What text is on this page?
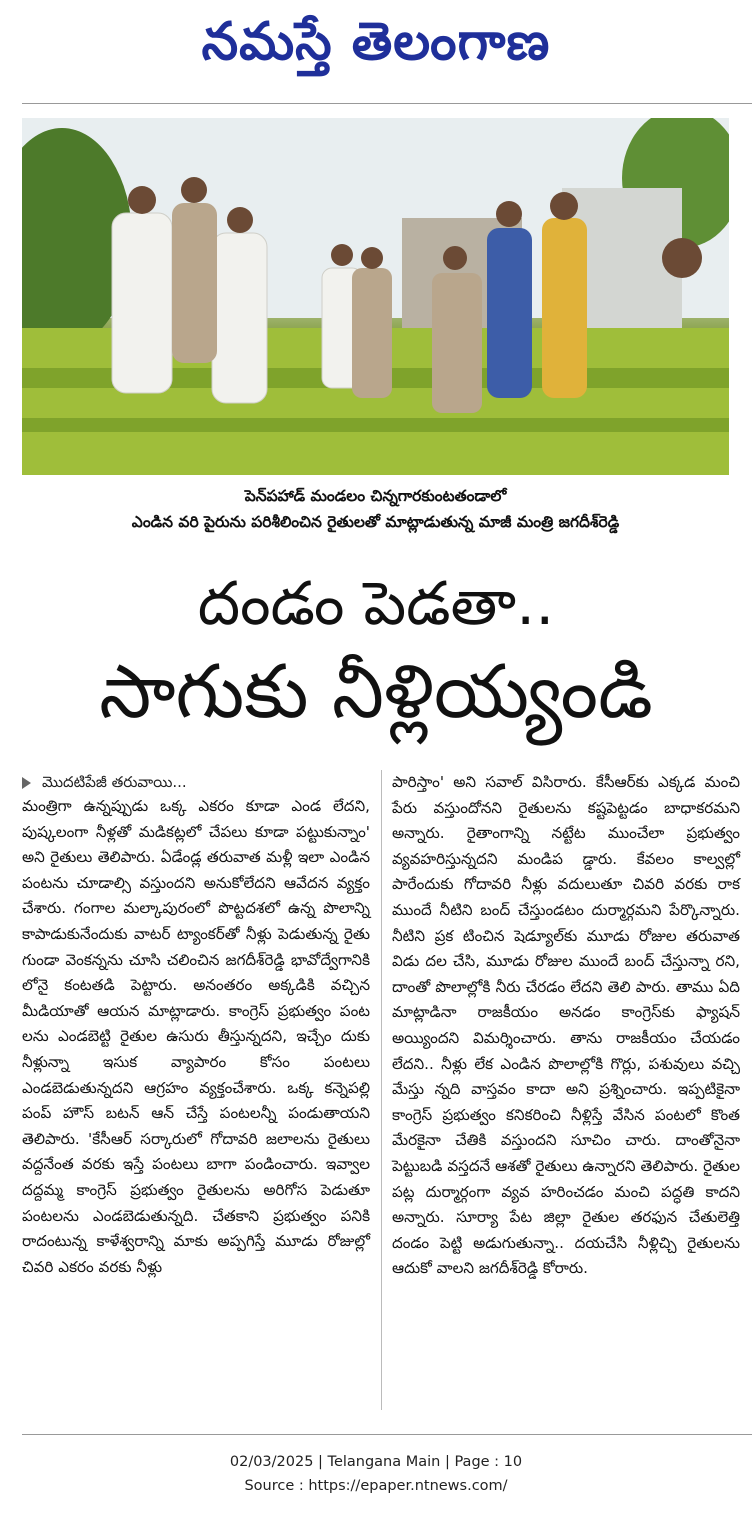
నమస్తే తెలంగాణ
పెన్‌పహాడ్ మండలం చిన్నగారకుంటతండాలో
ఎండిన వరి పైరును పరిశీలించిన రైతులతో మాట్లాడుతున్న మాజీ మంత్రి జగదీశ్‌రెడ్డి
దండం పెడతా..
సాగుకు నీళ్లియ్యండి
మొదటిపేజీ తరువాయి...

మంత్రిగా ఉన్నప్పుడు ఒక్క ఎకరం కూడా ఎండ లేదని, పుష్కలంగా నీళ్లతో మడికట్లలో చేపలు కూడా పట్టుకున్నాం' అని రైతులు తెలిపారు. ఏడేండ్ల తరువాత మళ్లీ ఇలా ఎండిన పంటను చూడాల్సి వస్తుందని అనుకోలేదని ఆవేదన వ్యక్తం చేశారు. గంగాల మల్కాపురంలో పొట్టదశలో ఉన్న పొలాన్ని కాపాడుకునేందుకు వాటర్ ట్యాంకర్‌తో నీళ్లు పెడుతున్న రైతు గుండా వెంకన్నను చూసి చలించిన జగదీశ్‌రెడ్డి భావోద్వేగానికి లోనై కంటతడి పెట్టారు. అనంతరం అక్కడికి వచ్చిన మీడియాతో ఆయన మాట్లాడారు. కాంగ్రెస్ ప్రభుత్వం పంట లను ఎండబెట్టి రైతుల ఉసురు తీస్తున్నదని, ఇచ్చేం దుకు నీళ్లున్నా ఇసుక వ్యాపారం కోసం పంటలు ఎండబెడుతున్నదని ఆగ్రహం వ్యక్తంచేశారు. ఒక్క కన్నెపల్లి పంప్ హౌస్ బటన్ ఆన్ చేస్తే పంటలన్నీ పండుతాయని తెలిపారు. 'కేసీఆర్ సర్కారులో గోదావరి జలాలను రైతులు వద్దనేంత వరకు ఇస్తే పంటలు బాగా పండించారు. ఇవ్వాల దద్దమ్మ కాంగ్రెస్ ప్రభుత్వం రైతులను అరిగోస పెడుతూ పంటలను ఎండబెడుతున్నది. చేతకాని ప్రభుత్వం పనికి రాదంటున్న కాళేశ్వరాన్ని మాకు అప్పగిస్తే మూడు రోజుల్లో చివరి ఎకరం వరకు నీళ్లు

పారిస్తాం' అని సవాల్ విసిరారు. కేసీఆర్‌కు ఎక్కడ మంచి పేరు వస్తుందోనని రైతులను కష్టపెట్టడం బాధాకరమని అన్నారు. రైతాంగాన్ని నట్టేట ముంచేలా ప్రభుత్వం వ్యవహరిస్తున్నదని మండిప డ్డారు. కేవలం కాల్వల్లో పారేందుకు గోదావరి నీళ్లు వదులుతూ చివరి వరకు రాక ముందే నీటిని బంద్ చేస్తుండటం దుర్మార్గమని పేర్కొన్నారు. నీటిని ప్రక టించిన షెడ్యూల్‌కు మూడు రోజుల తరువాత విడు దల చేసి, మూడు రోజుల ముందే బంద్ చేస్తున్నా రని, దాంతో పొలాల్లోకి నీరు చేరడం లేదని తెలి పారు. తాము ఏది మాట్లాడినా రాజకీయం అనడం కాంగ్రెస్‌కు ఫ్యాషన్ అయ్యిందని విమర్శించారు. తాను రాజకీయం చేయడం లేదని.. నీళ్లు లేక ఎండిన పొలాల్లోకి గొర్లు, పశువులు వచ్చి మేస్తు న్నది వాస్తవం కాదా అని ప్రశ్నించారు. ఇప్పటికైనా కాంగ్రెస్ ప్రభుత్వం కనికరించి నీళ్లిస్తే వేసిన పంటలో కొంత మేరకైనా చేతికి వస్తుందని సూచిం చారు. దాంతోనైనా పెట్టుబడి వస్తదనే ఆశతో రైతులు ఉన్నారని తెలిపారు. రైతుల పట్ల దుర్మార్గంగా వ్యవ హరించడం మంచి పద్ధతి కాదని అన్నారు. సూర్యా పేట జిల్లా రైతుల తరఫున చేతులెత్తి దండం పెట్టి అడుగుతున్నా.. దయచేసి నీళ్లిచ్చి రైతులను ఆదుకో వాలని జగదీశ్‌రెడ్డి కోరారు.

02/03/2025 | Telangana Main | Page : 10
Source : https://epaper.ntnews.com/
